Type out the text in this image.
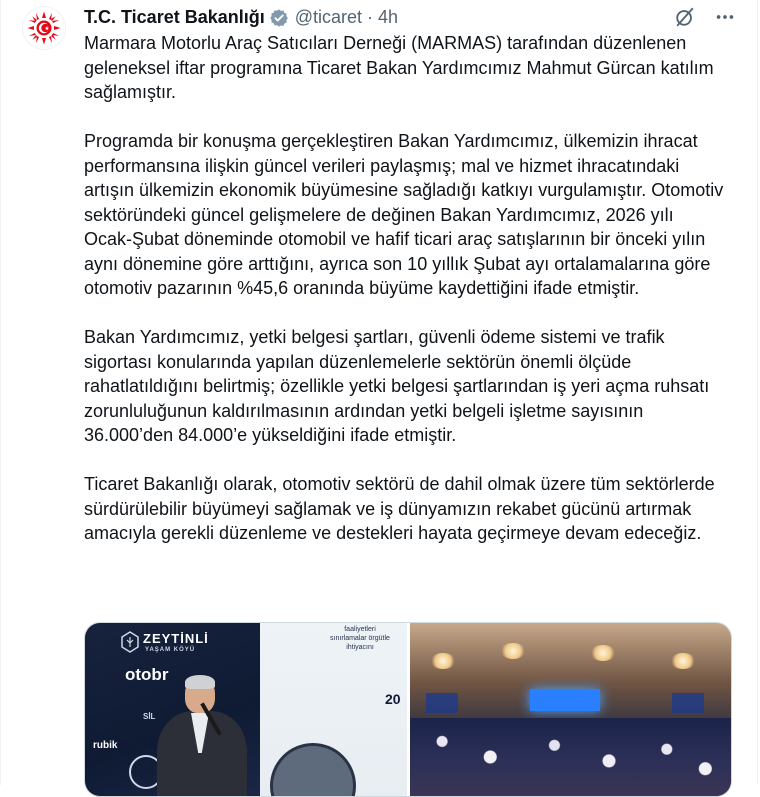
T.C. Ticaret Bakanlığı @ticaret · 4h

Marmara Motorlu Araç Satıcıları Derneği (MARMAS) tarafından düzenlenen geleneksel iftar programına Ticaret Bakan Yardımcımız Mahmut Gürcan katılım sağlamıştır.

Programda bir konuşma gerçekleştiren Bakan Yardımcımız, ülkemizin ihracat performansına ilişkin güncel verileri paylaşmış; mal ve hizmet ihracatındaki artışın ülkemizin ekonomik büyümesine sağladığı katkıyı vurgulamıştır. Otomotiv sektöründeki güncel gelişmelere de değinen Bakan Yardımcımız, 2026 yılı Ocak-Şubat döneminde otomobil ve hafif ticari araç satışlarının bir önceki yılın aynı dönemine göre arttığını, ayrıca son 10 yıllık Şubat ayı ortalamalarına göre otomotiv pazarının %45,6 oranında büyüme kaydettiğini ifade etmiştir.

Bakan Yardımcımız, yetki belgesi şartları, güvenli ödeme sistemi ve trafik sigortası konularında yapılan düzenlemelerle sektörün önemli ölçüde rahatlatıldığını belirtmiş; özellikle yetki belgesi şartlarından iş yeri açma ruhsatı zorunluluğunun kaldırılmasının ardından yetki belgeli işletme sayısının 36.000’den 84.000’e yükseldiğini ifade etmiştir.

Ticaret Bakanlığı olarak, otomotiv sektörü de dahil olmak üzere tüm sektörlerde sürdürülebilir büyümeyi sağlamak ve iş dünyamızın rekabet gücünü artırmak amacıyla gerekli düzenleme ve destekleri hayata geçirmeye devam edeceğiz.

ZEYTİNLİ
YAŞAM KÖYÜ
otobr
SİL
rubik
faaliyetleri sınırlamalar örgütle ihtiyacını
20
